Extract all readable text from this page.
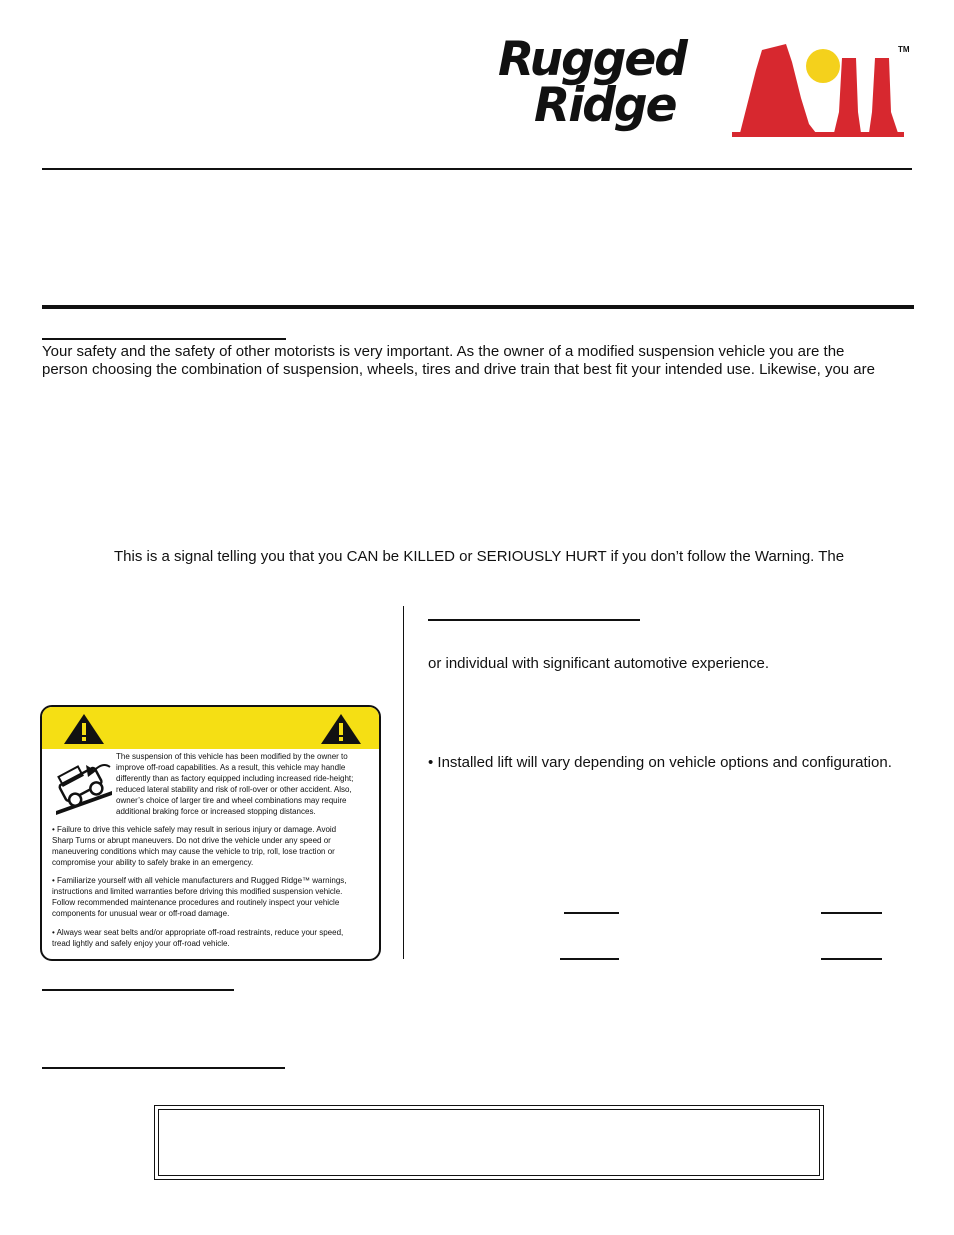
Rugged
Ridge
TM
Your safety and the safety of other motorists is very important. As the owner of a modified suspension vehicle you are the
person choosing the combination of suspension, wheels, tires and drive train that best fit your intended use. Likewise, you are
This is a signal telling you that you CAN be KILLED or SERIOUSLY HURT if you don’t follow the Warning. The
The suspension of this vehicle has been modified by the owner to
improve off-road capabilities. As a result, this vehicle may handle
differently than as factory equipped including increased ride-height;
reduced lateral stability and risk of roll-over or other accident. Also,
owner’s choice of larger tire and wheel combinations may require
additional braking force or increased stopping distances.
• Failure to drive this vehicle safely may result in serious injury or damage. Avoid
Sharp Turns or abrupt maneuvers. Do not drive the vehicle under any speed or
maneuvering conditions which may cause the vehicle to trip, roll, lose traction or
compromise your ability to safely brake in an emergency.
• Familiarize yourself with all vehicle manufacturers and Rugged Ridge™ warnings,
instructions and limited warranties before driving this modified suspension vehicle.
Follow recommended maintenance procedures and routinely inspect your vehicle
components for unusual wear or off-road damage.
• Always wear seat belts and/or appropriate off-road restraints, reduce your speed,
tread lightly and safely enjoy your off-road vehicle.
or individual with significant automotive experience.
• Installed lift will vary depending on vehicle options and configuration.
